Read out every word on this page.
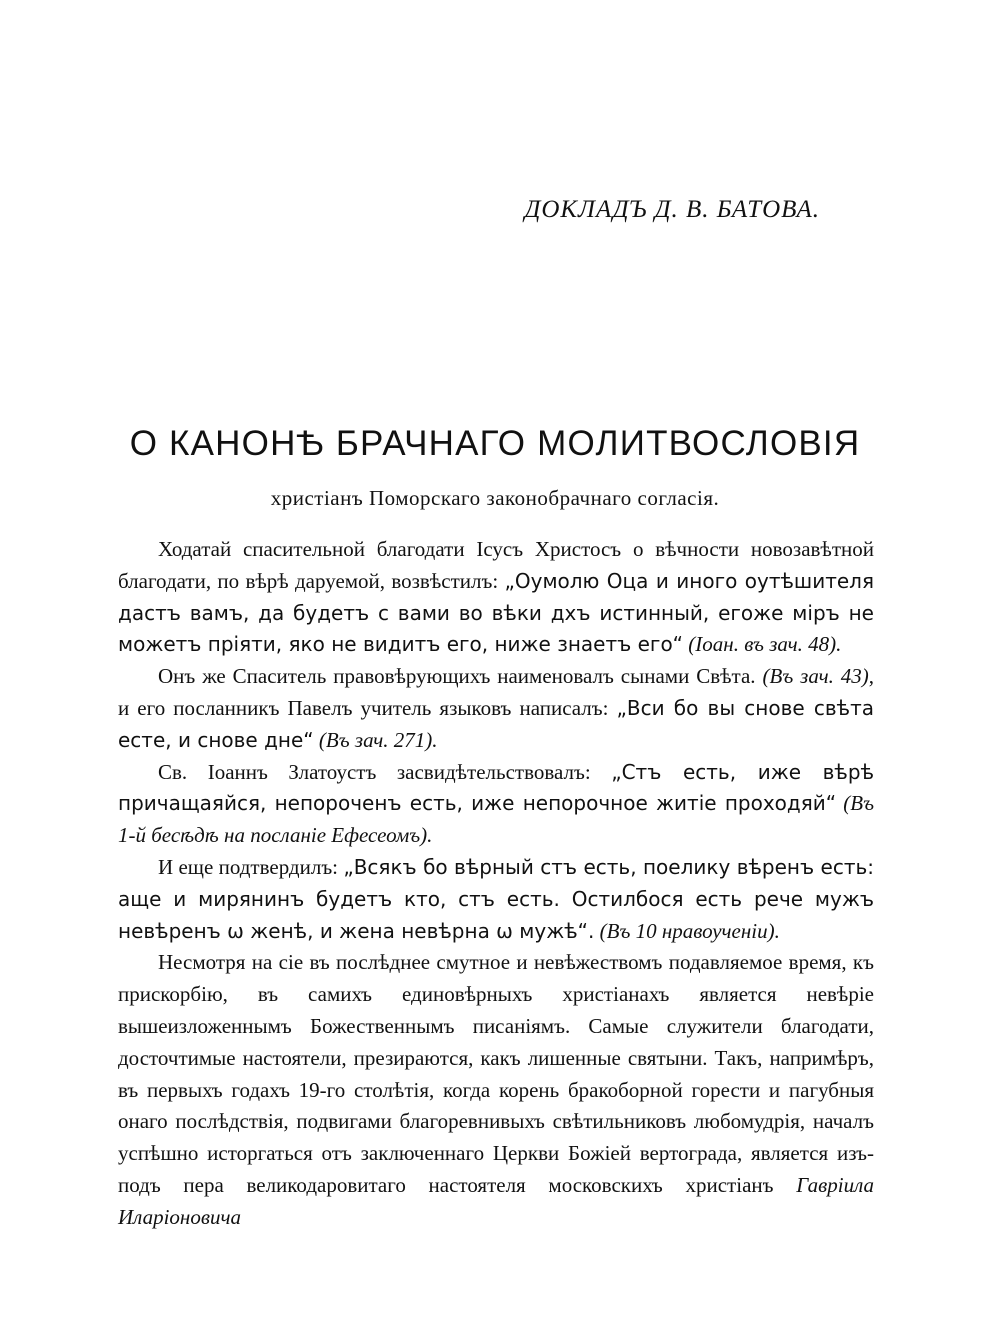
ДОКЛАДЪ Д. В. БАТОВА.
О КАНОНѢ БРАЧНАГО МОЛИТВОСЛОВІЯ
христіанъ Поморскаго законобрачнаго согласія.

Ходатай спасительной благодати Ісусъ Христосъ о вѣчности новозавѣтной благодати, по вѣрѣ даруемой, возвѣстилъ: „Оумолю Оца и иного оутѣшителя дастъ вамъ, да будетъ с вами во вѣки дхъ истинный, егоже міръ не можетъ пріяти, яко не видитъ его, ниже знаетъ его“ (Іоан. въ зач. 48).

Онъ же Спаситель правовѣрующихъ наименовалъ сынами Свѣта. (Въ зач. 43), и его посланникъ Павелъ учитель языковъ написалъ: „Вси бо вы снове свѣта есте, и снове дне“ (Въ зач. 271).

Св. Іоаннъ Златоустъ засвидѣтельствовалъ: „Стъ есть, иже вѣрѣ причащаяйся, непороченъ есть, иже непорочное житіе проходяй“ (Въ 1-й бесѣдѣ на посланіе Ефесеомъ).

И еще подтвердилъ: „Всякъ бо вѣрный стъ есть, поелику вѣренъ есть: аще и мирянинъ будетъ кто, стъ есть. Остилбося есть рече мужъ невѣренъ ѡ женѣ, и жена невѣрна ѡ мужѣ“. (Въ 10 нравоученіи).

Несмотря на сіе въ послѣднее смутное и невѣжествомъ подавляемое время, къ прискорбію, въ самихъ единовѣрныхъ христіанахъ является невѣріе вышеизложеннымъ Божественнымъ писаніямъ. Самые служители благодати, досточтимые настоятели, презираются, какъ лишенные святыни. Такъ, напримѣръ, въ первыхъ годахъ 19-го столѣтія, когда корень бракоборной горести и пагубныя онаго послѣдствія, подвигами благоревнивыхъ свѣтильниковъ любомудрія, началъ успѣшно исторгаться отъ заключеннаго Церкви Божіей вертограда, является изъ-подъ пера великодаровитаго настоятеля московскихъ христіанъ Гавріила Иларіоновича
